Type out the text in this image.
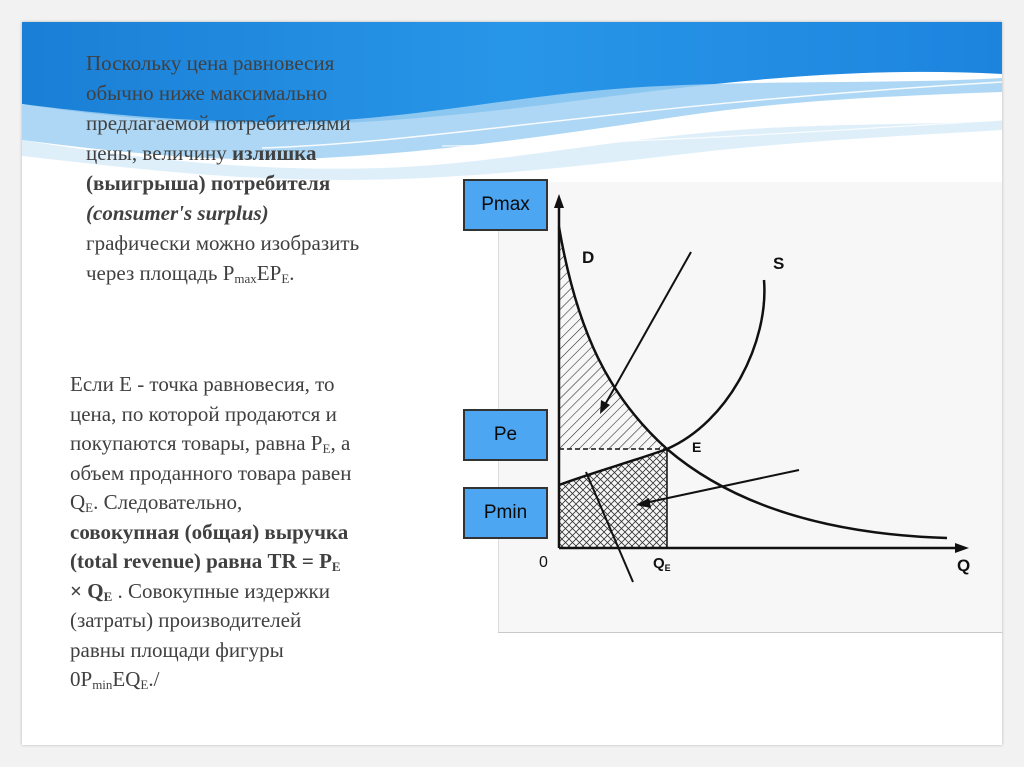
Поскольку цена равновесия
обычно ниже максимально
предлагаемой потребителями
цены, величину излишка
(выигрыша) потребителя
(consumer's surplus)
графически можно изобразить
через площадь $P_{max}EP_E$.
Если Е - точка равновесия, то
цена, по которой продаются и
покупаются товары, равна $P_E$, а
объем проданного товара равен
$Q_E$. Следовательно,
совокупная (общая) выручка
(total revenue) равна TR = $P_E$
× $Q_E$ . Совокупные издержки
(затраты) производителей
равны площади фигуры
$0P_{min}EQ_E./$
D	S
E
0	$Q_E$	Q
Pmax
Pe
Pmin
